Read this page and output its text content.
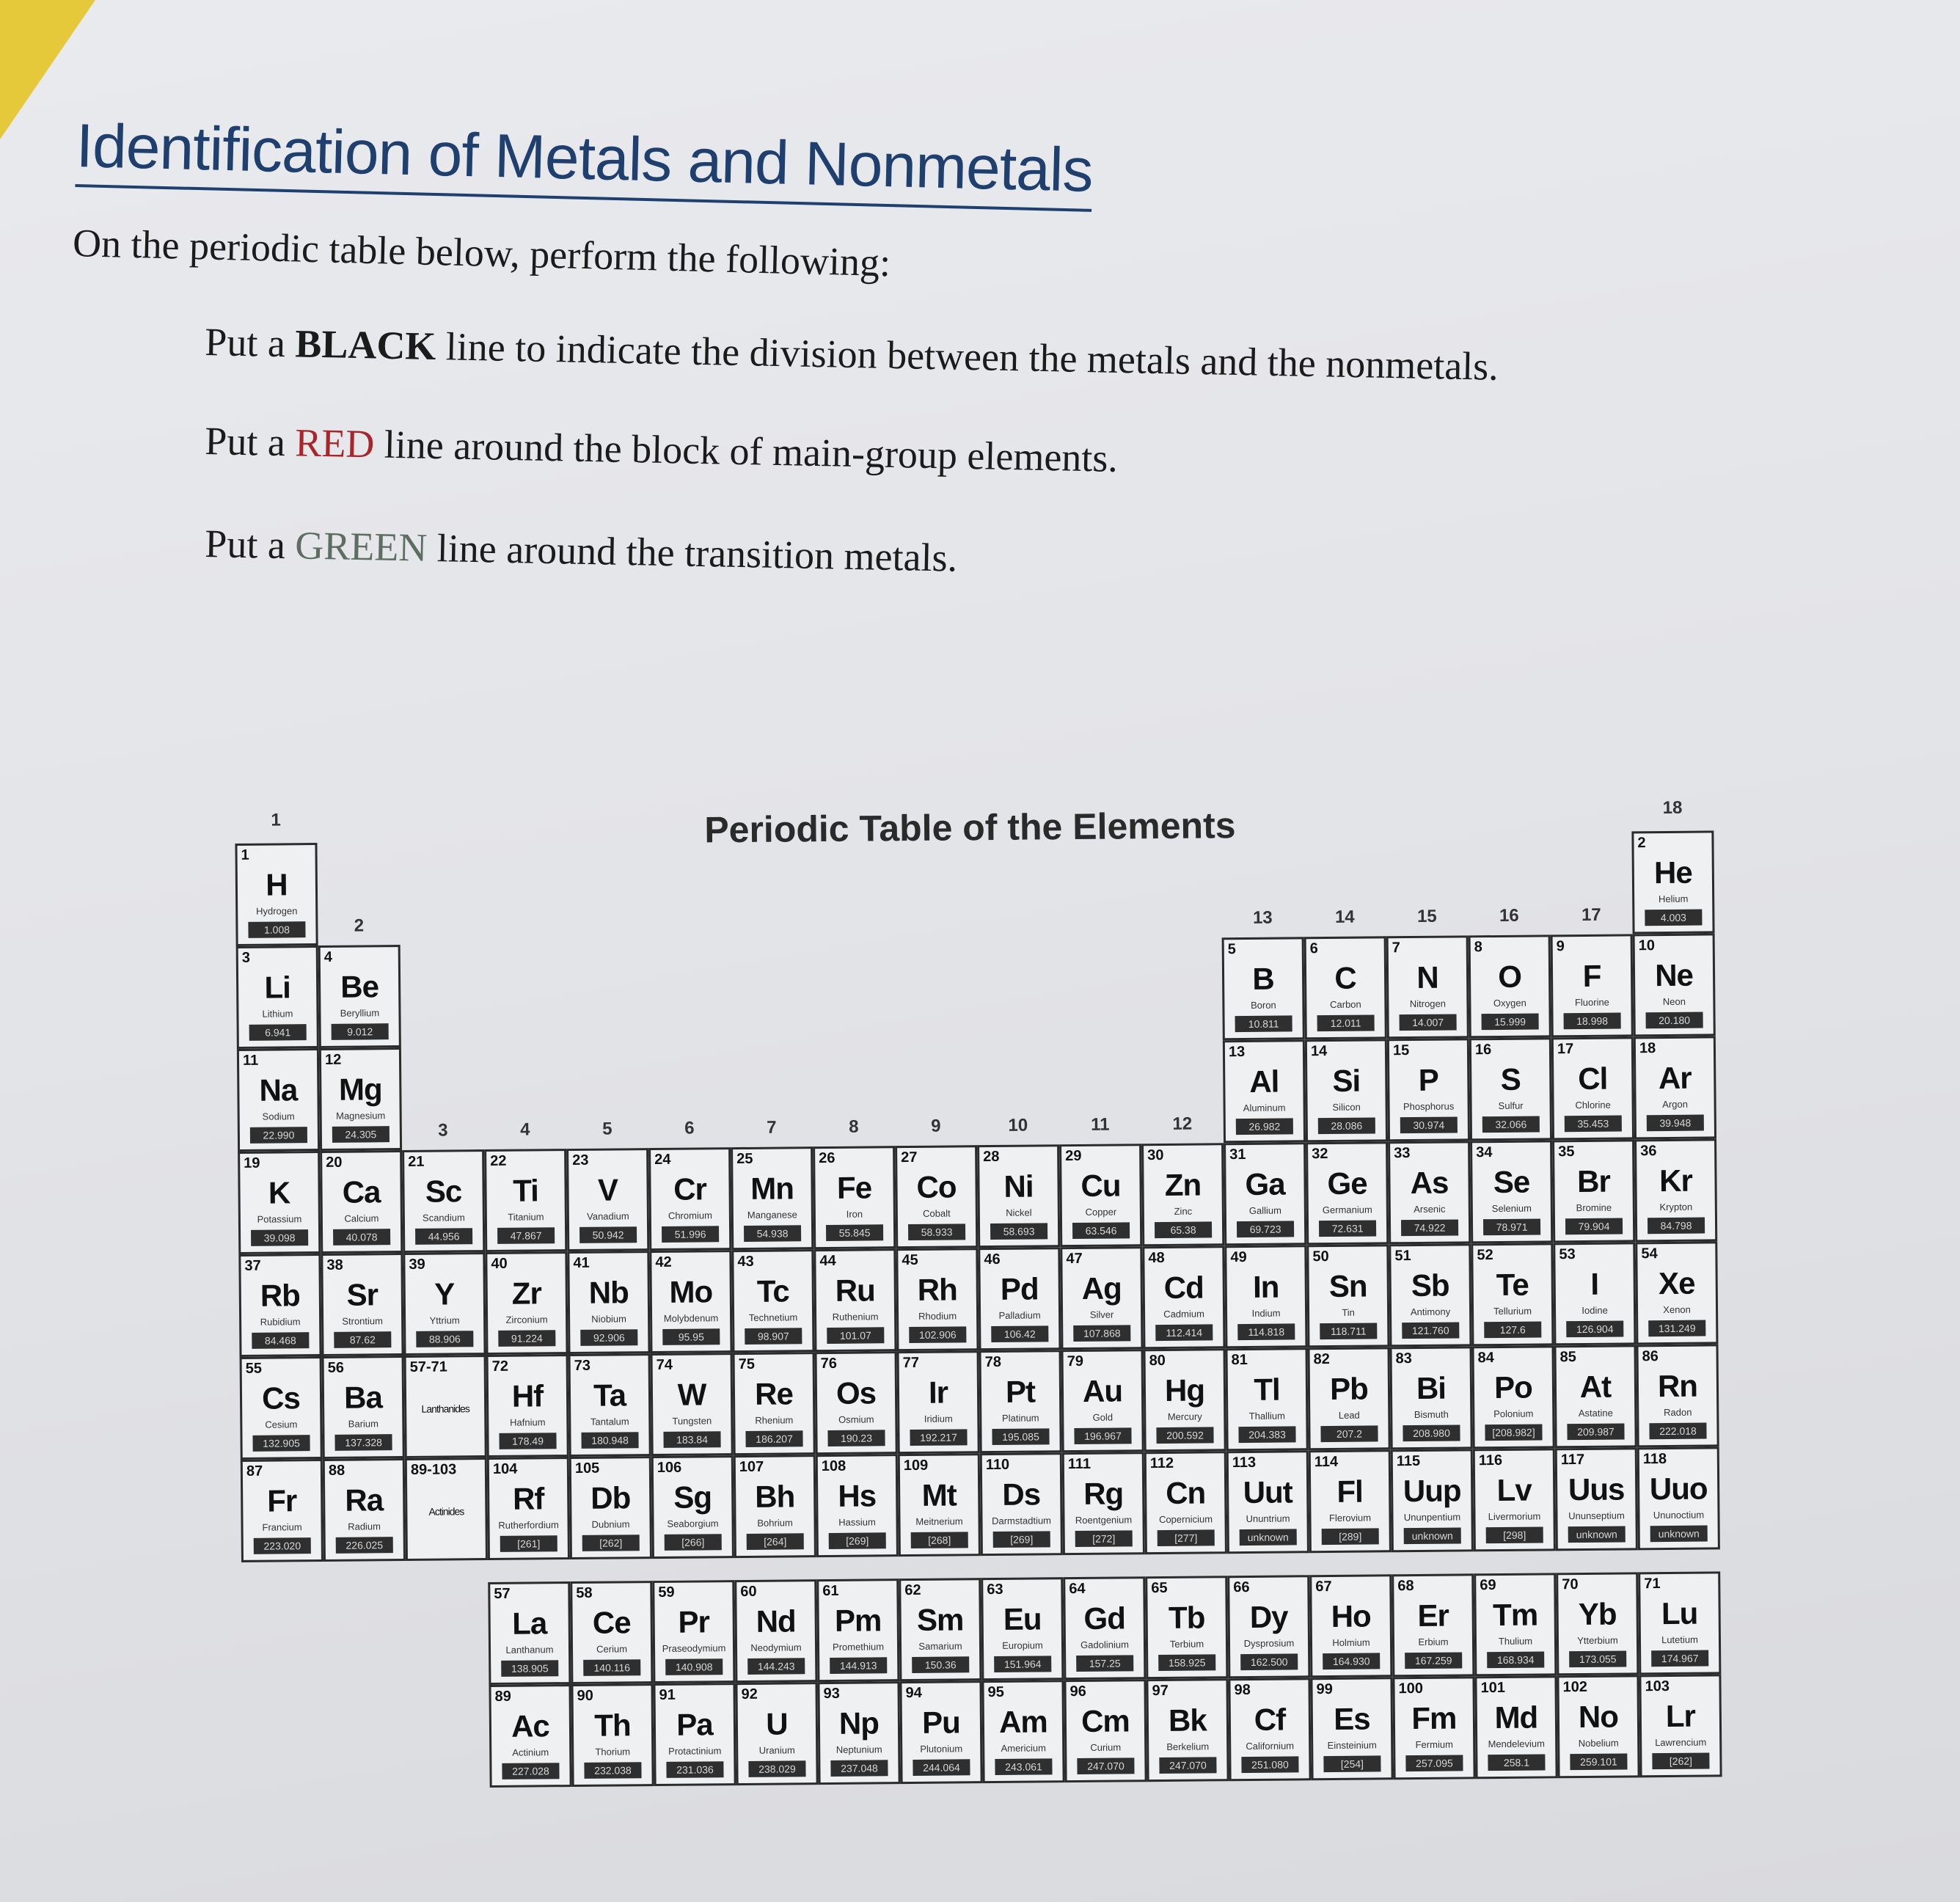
Identification of Metals and Nonmetals

On the periodic table below, perform the following:

Put a BLACK line to indicate the division between the metals and the nonmetals.

Put a RED line around the block of main-group elements.

Put a GREEN line around the transition metals.

Periodic Table of the Elements
1
2
3	4	5	6	7	8	9	10	11	12
13	14	15	16	17
18
1
H
Hydrogen
1.008
2
He
Helium
4.003
3
Li
Lithium
6.941
4
Be
Beryllium
9.012
5
B
Boron
10.811
6
C
Carbon
12.011
7
N
Nitrogen
14.007
8
O
Oxygen
15.999
9
F
Fluorine
18.998
10
Ne
Neon
20.180
11
Na
Sodium
22.990
12
Mg
Magnesium
24.305
13
Al
Aluminum
26.982
14
Si
Silicon
28.086
15
P
Phosphorus
30.974
16
S
Sulfur
32.066
17
Cl
Chlorine
35.453
18
Ar
Argon
39.948
19
K
Potassium
39.098
20
Ca
Calcium
40.078
21
Sc
Scandium
44.956
22
Ti
Titanium
47.867
23
V
Vanadium
50.942
24
Cr
Chromium
51.996
25
Mn
Manganese
54.938
26
Fe
Iron
55.845
27
Co
Cobalt
58.933
28
Ni
Nickel
58.693
29
Cu
Copper
63.546
30
Zn
Zinc
65.38
31
Ga
Gallium
69.723
32
Ge
Germanium
72.631
33
As
Arsenic
74.922
34
Se
Selenium
78.971
35
Br
Bromine
79.904
36
Kr
Krypton
84.798
37
Rb
Rubidium
84.468
38
Sr
Strontium
87.62
39
Y
Yttrium
88.906
40
Zr
Zirconium
91.224
41
Nb
Niobium
92.906
42
Mo
Molybdenum
95.95
43
Tc
Technetium
98.907
44
Ru
Ruthenium
101.07
45
Rh
Rhodium
102.906
46
Pd
Palladium
106.42
47
Ag
Silver
107.868
48
Cd
Cadmium
112.414
49
In
Indium
114.818
50
Sn
Tin
118.711
51
Sb
Antimony
121.760
52
Te
Tellurium
127.6
53
I
Iodine
126.904
54
Xe
Xenon
131.249
55
Cs
Cesium
132.905
56
Ba
Barium
137.328
57-71
Lanthanides
72
Hf
Hafnium
178.49
73
Ta
Tantalum
180.948
74
W
Tungsten
183.84
75
Re
Rhenium
186.207
76
Os
Osmium
190.23
77
Ir
Iridium
192.217
78
Pt
Platinum
195.085
79
Au
Gold
196.967
80
Hg
Mercury
200.592
81
Tl
Thallium
204.383
82
Pb
Lead
207.2
83
Bi
Bismuth
208.980
84
Po
Polonium
[208.982]
85
At
Astatine
209.987
86
Rn
Radon
222.018
87
Fr
Francium
223.020
88
Ra
Radium
226.025
89-103
Actinides
104
Rf
Rutherfordium
[261]
105
Db
Dubnium
[262]
106
Sg
Seaborgium
[266]
107
Bh
Bohrium
[264]
108
Hs
Hassium
[269]
109
Mt
Meitnerium
[268]
110
Ds
Darmstadtium
[269]
111
Rg
Roentgenium
[272]
112
Cn
Copernicium
[277]
113
Uut
Ununtrium
unknown
114
Fl
Flerovium
[289]
115
Uup
Ununpentium
unknown
116
Lv
Livermorium
[298]
117
Uus
Ununseptium
unknown
118
Uuo
Ununoctium
unknown
57
La
Lanthanum
138.905
58
Ce
Cerium
140.116
59
Pr
Praseodymium
140.908
60
Nd
Neodymium
144.243
61
Pm
Promethium
144.913
62
Sm
Samarium
150.36
63
Eu
Europium
151.964
64
Gd
Gadolinium
157.25
65
Tb
Terbium
158.925
66
Dy
Dysprosium
162.500
67
Ho
Holmium
164.930
68
Er
Erbium
167.259
69
Tm
Thulium
168.934
70
Yb
Ytterbium
173.055
71
Lu
Lutetium
174.967
89
Ac
Actinium
227.028
90
Th
Thorium
232.038
91
Pa
Protactinium
231.036
92
U
Uranium
238.029
93
Np
Neptunium
237.048
94
Pu
Plutonium
244.064
95
Am
Americium
243.061
96
Cm
Curium
247.070
97
Bk
Berkelium
247.070
98
Cf
Californium
251.080
99
Es
Einsteinium
[254]
100
Fm
Fermium
257.095
101
Md
Mendelevium
258.1
102
No
Nobelium
259.101
103
Lr
Lawrencium
[262]
